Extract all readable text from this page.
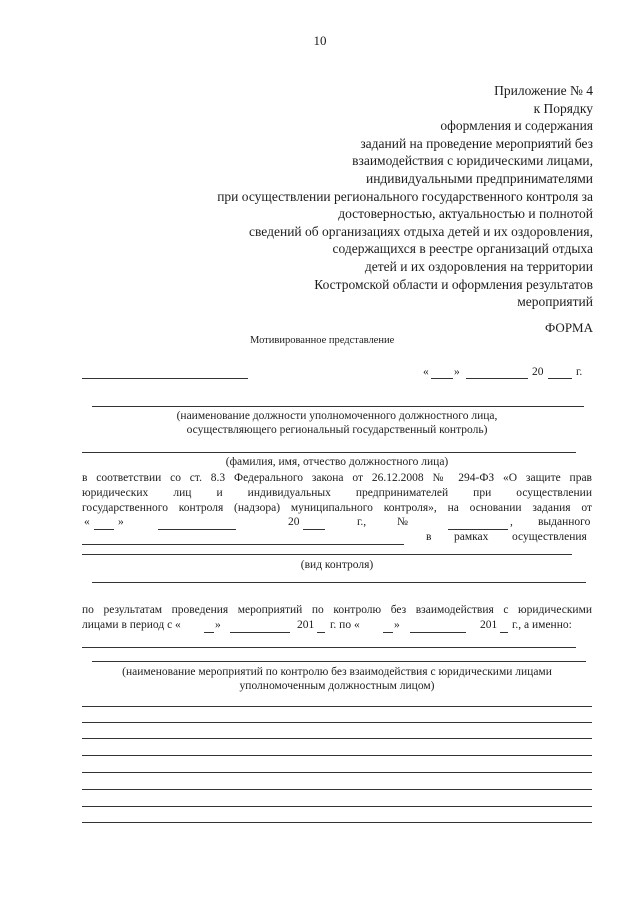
10
Приложение № 4
к Порядку
оформления и содержания
заданий на проведение мероприятий без
взаимодействия с юридическими лицами,
индивидуальными предпринимателями
при осуществлении регионального государственного контроля за
достоверностью, актуальностью и полнотой
сведений об организациях отдыха детей и их оздоровления,
содержащихся в реестре организаций отдыха
детей и их оздоровления на территории
Костромской области и оформления результатов
мероприятий
ФОРМА
Мотивированное представление
« »	20	г.
(наименование должности уполномоченного должностного лица,
осуществляющего региональный государственный контроль)
(фамилия, имя, отчество должностного лица)
в соответствии со ст. 8.3 Федерального закона от 26.12.2008 № 294-ФЗ «О защите прав
юридических лиц и индивидуальных предпринимателей при осуществлении
государственного контроля (надзора) муниципального контроля», на основании задания от
« »	20	г.,	№	, выданного
в рамках осуществления
(вид контроля)
по результатам проведения мероприятий по контролю без взаимодействия с юридическими
лицами в период с «	»	201 г. по «	»	201 г., а именно:
(наименование мероприятий по контролю без взаимодействия с юридическими лицами
уполномоченным должностным лицом)
